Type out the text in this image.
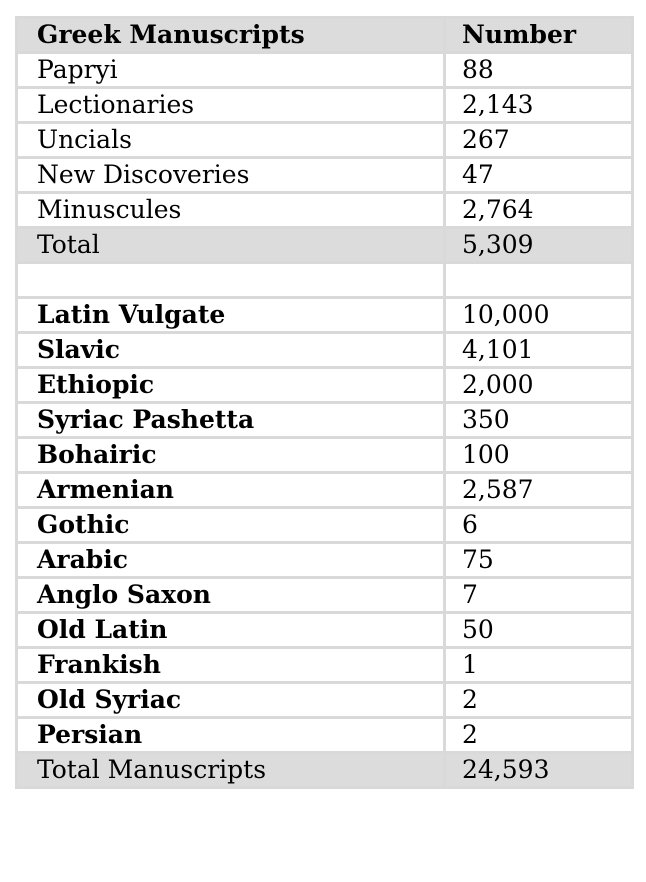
Greek Manuscripts	Number
Papryi	88
Lectionaries	2,143
Uncials	267
New Discoveries	47
Minuscules	2,764
Total	5,309

Latin Vulgate	10,000
Slavic	4,101
Ethiopic	2,000
Syriac Pashetta	350
Bohairic	100
Armenian	2,587
Gothic	6
Arabic	75
Anglo Saxon	7
Old Latin	50
Frankish	1
Old Syriac	2
Persian	2
Total Manuscripts	24,593
